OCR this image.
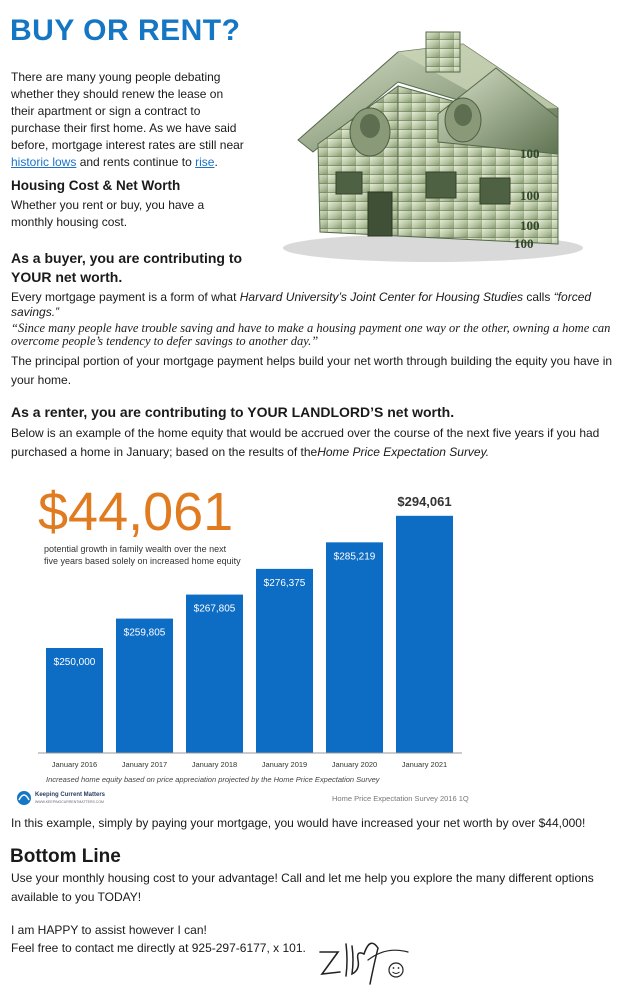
BUY OR RENT?

There are many young people debating whether they should renew the lease on their apartment or sign a contract to purchase their first home. As we have said before, mortgage interest rates are still near historic lows and rents continue to rise.

100
100
100
100
Housing Cost & Net Worth

Whether you rent or buy, you have a monthly housing cost.

As a buyer, you are contributing to YOUR net worth.

Every mortgage payment is a form of what Harvard University’s Joint Center for Housing Studies calls “forced savings.”

“Since many people have trouble saving and have to make a housing payment one way or the other, owning a home can overcome people’s tendency to defer savings to another day.”

The principal portion of your mortgage payment helps build your net worth through building the equity you have in your home.

As a renter, you are contributing to YOUR LANDLORD’S net worth.

Below is an example of the home equity that would be accrued over the course of the next five years if you had purchased a home in January; based on the results of theHome Price Expectation Survey.

$44,061
potential growth in family wealth over the next
five years based solely on increased home equity
$250,000
January 2016
$259,805
January 2017
$267,805
January 2018
$276,375
January 2019
$285,219
January 2020
$294,061
January 2021
Increased home equity based on price appreciation projected by the Home Price Expectation Survey
Keeping Current Matters
WWW.KEEPINGCURRENTMATTERS.COM	Home Price Expectation Survey 2016 1Q

In this example, simply by paying your mortgage, you would have increased your net worth by over $44,000!

Bottom Line

Use your monthly housing cost to your advantage! Call and let me help you explore the many different options available to you TODAY!

I am HAPPY to assist however I can!
Feel free to contact me directly at 925-297-6177, x 101.
